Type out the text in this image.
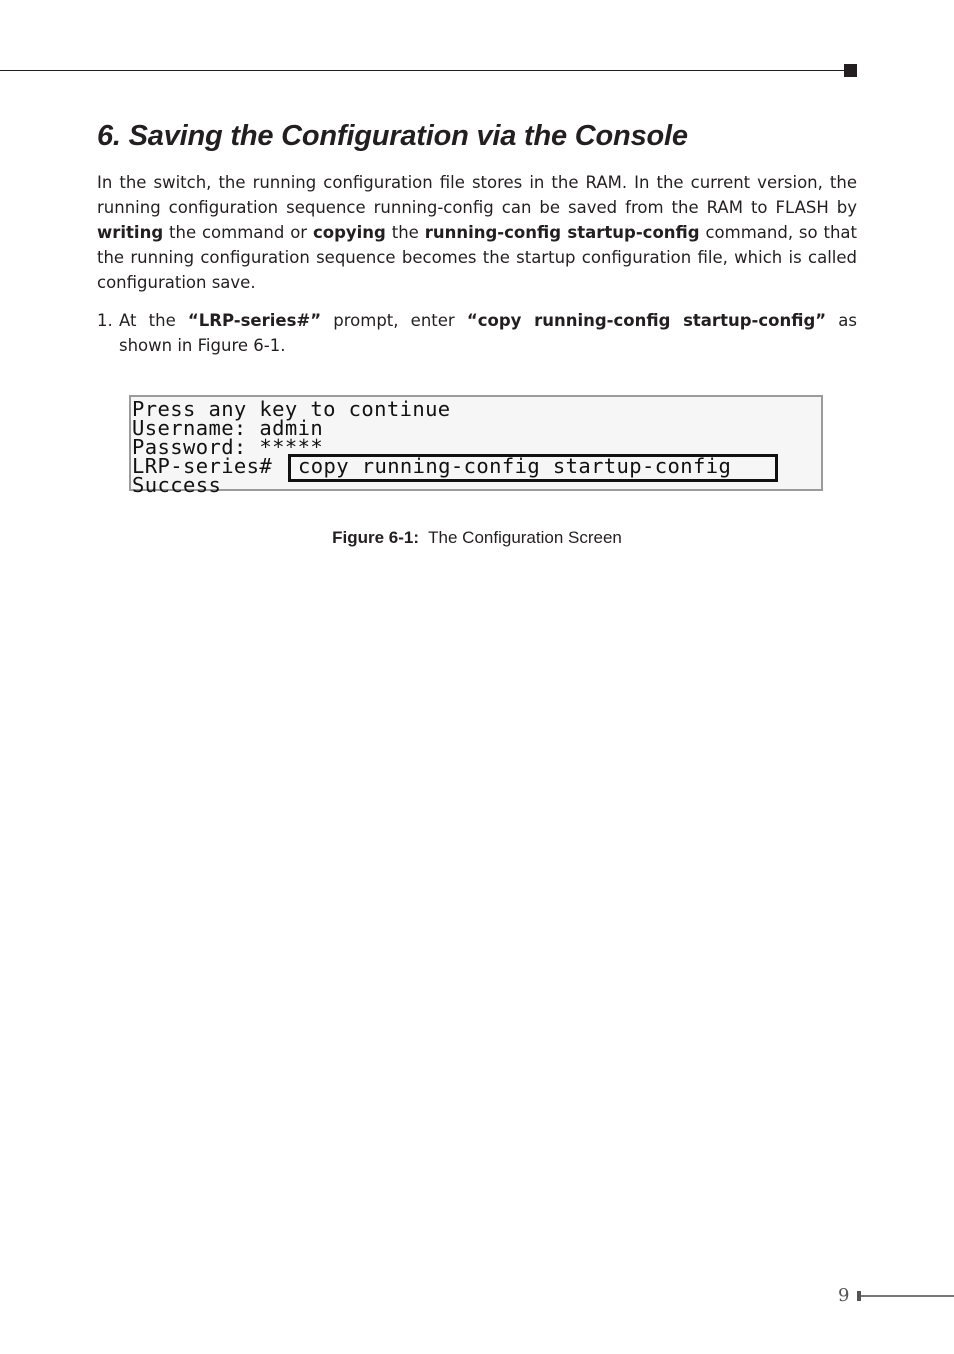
6. Saving the Configuration via the Console

In the switch, the running configuration file stores in the RAM. In the current version, the running configuration sequence running-config can be saved from the RAM to FLASH by writing the command or copying the running-config startup-config command, so that the running configuration sequence becomes the startup configuration file, which is called configuration save.

1. At the “LRP-series#” prompt, enter “copy running-config startup-config” as shown in Figure 6-1.
Press any key to continue
Username: admin
Password: *****
LRP-series# copy running-config startup-config
Success
Figure 6-1: The Configuration Screen
9
